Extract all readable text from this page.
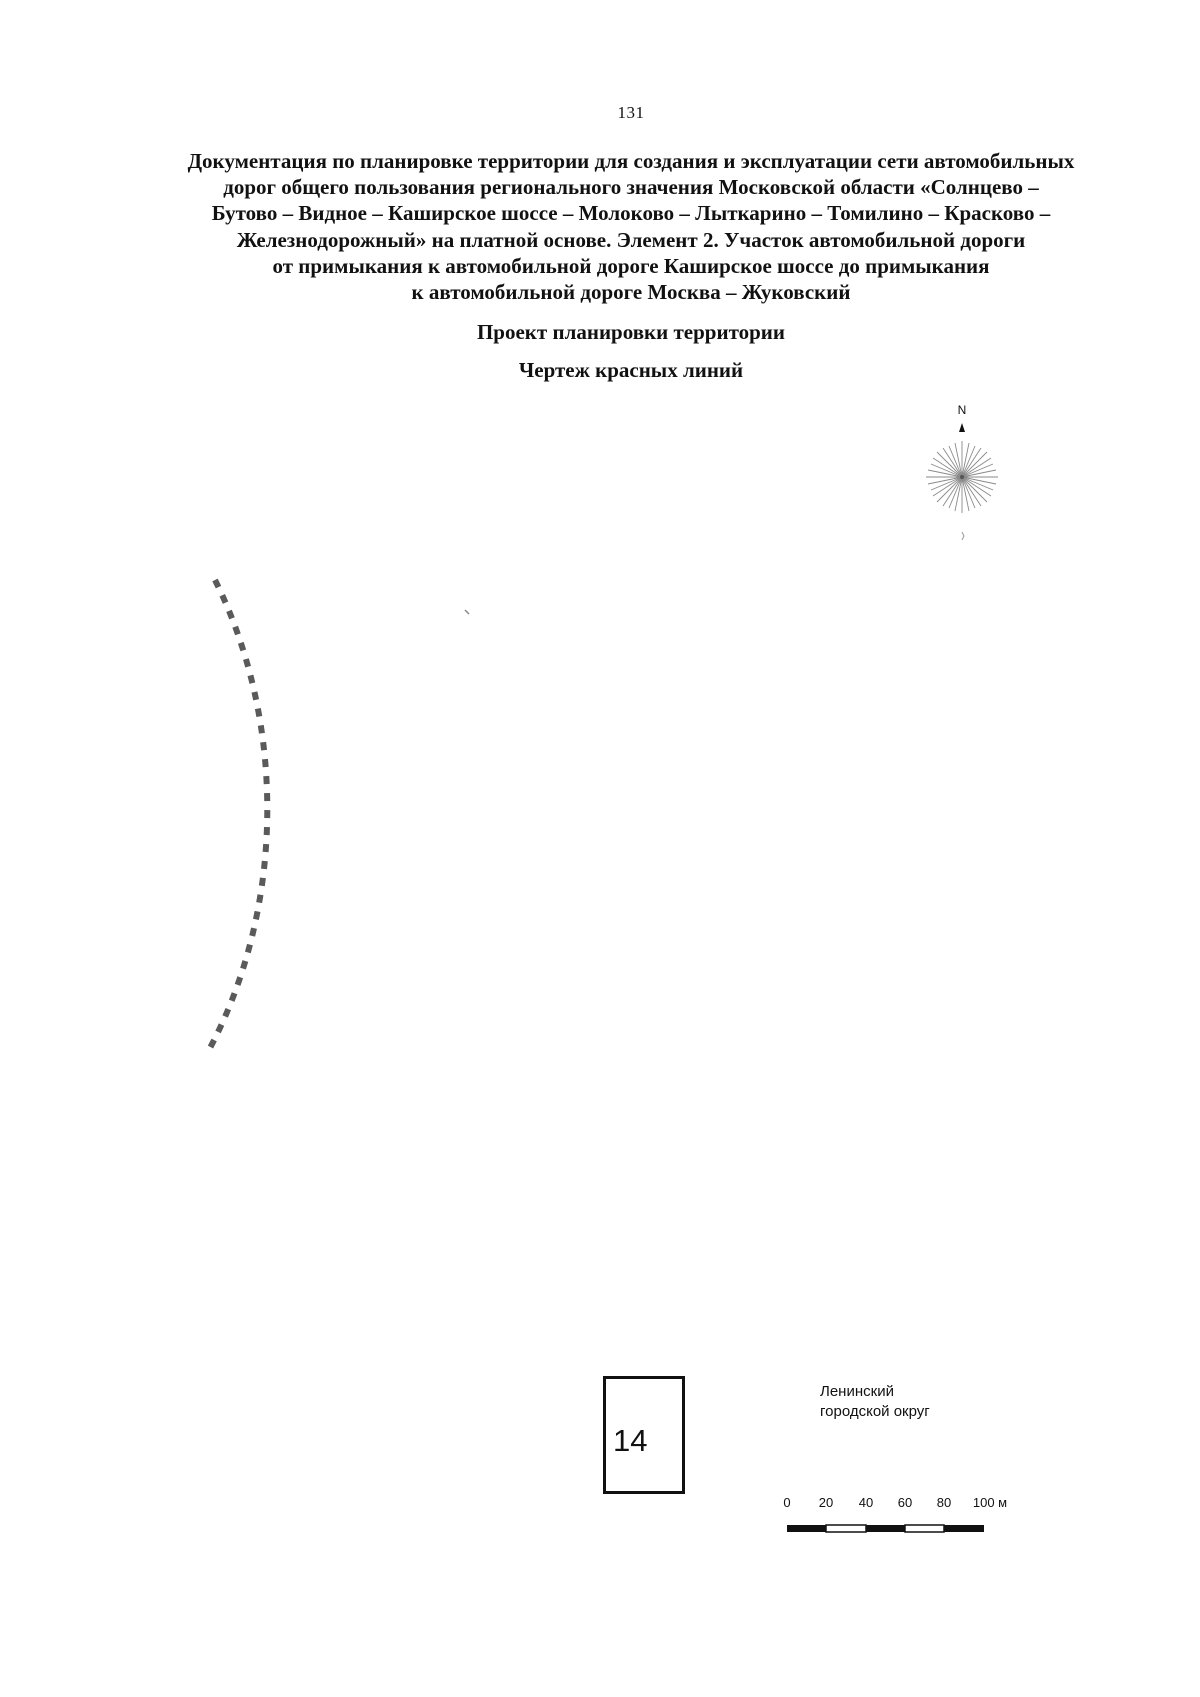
131
Документация по планировке территории для создания и эксплуатации сети автомобильных
дорог общего пользования регионального значения Московской области «Солнцево –
Бутово – Видное – Каширское шоссе – Молоково – Лыткарино – Томилино – Красково –
Железнодорожный» на платной основе. Элемент 2. Участок автомобильной дороги
от примыкания к автомобильной дороге Каширское шоссе до примыкания
к автомобильной дороге Москва – Жуковский
Проект планировки территории
Чертеж красных линий
N
0 20 40 60 80 100 м
14
Ленинский
городской округ
